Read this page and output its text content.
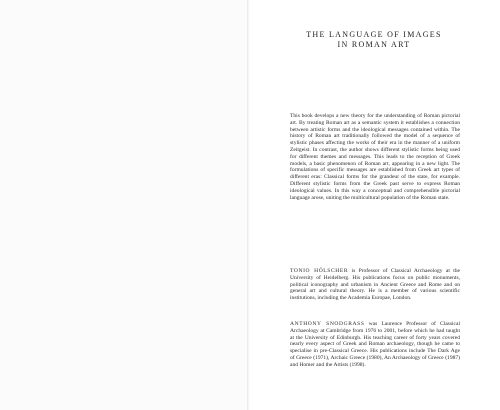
THE LANGUAGE OF IMAGES
IN ROMAN ART
This book develops a new theory for the understanding of Roman pictorial art. By treating Roman art as a semantic system it establishes a connection between artistic forms and the ideological messages contained within. The history of Roman art traditionally followed the model of a sequence of stylistic phases affecting the works of their era in the manner of a uniform Zeitgeist. In contrast, the author shows different stylistic forms being used for different themes and messages. This leads to the reception of Greek models, a basic phenomenon of Roman art, appearing in a new light. The formulations of specific messages are established from Greek art types of different eras: Classical forms for the grandeur of the state, for example. Different stylistic forms from the Greek past serve to express Roman ideological values. In this way a conceptual and comprehensible pictorial language arose, uniting the multicultural population of the Roman state.
TONIO HÖLSCHER is Professor of Classical Archaeology at the University of Heidelberg. His publications focus on public monuments, political iconography and urbanism in Ancient Greece and Rome and on general art and cultural theory. He is a member of various scientific institutions, including the Academia Europae, London.
ANTHONY SNODGRASS was Laurence Professor of Classical Archaeology at Cambridge from 1976 to 2001, before which he had taught at the University of Edinburgh. His teaching career of forty years covered nearly every aspect of Greek and Roman archaeology, though he came to specialise in pre-Classical Greece. His publications include The Dark Age of Greece (1971), Archaic Greece (1980), An Archaeology of Greece (1987) and Homer and the Artists (1998).
